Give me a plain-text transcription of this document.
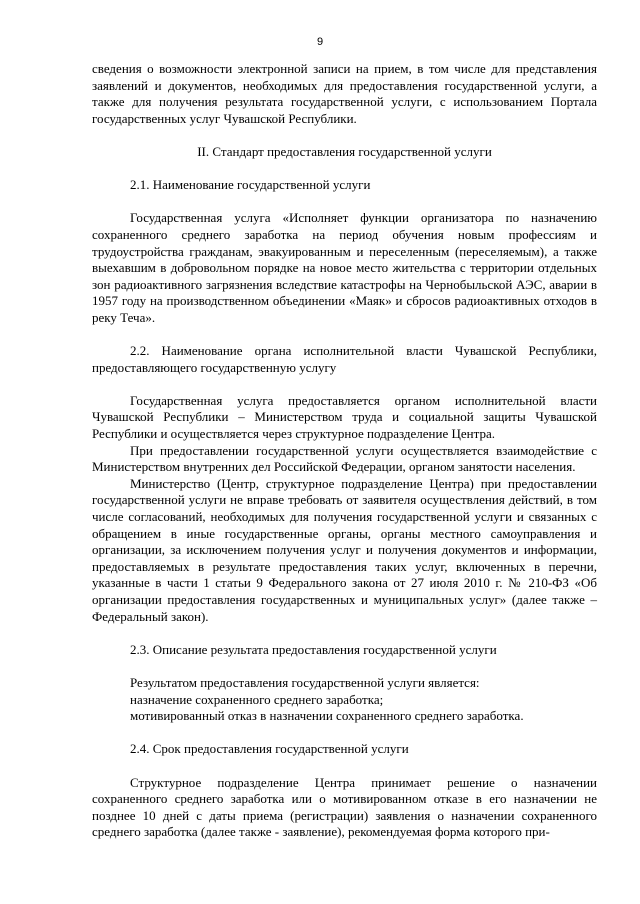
9

сведения о возможности электронной записи на прием, в том числе для представления заявлений и документов, необходимых для предоставления государственной услуги, а также для получения результата государственной услуги, с использованием Портала государственных услуг Чувашской Республики.

II. Стандарт предоставления государственной услуги

2.1. Наименование государственной услуги

Государственная услуга «Исполняет функции организатора по назначению сохраненного среднего заработка на период обучения новым профессиям и трудоустройства гражданам, эвакуированным и переселенным (переселяемым), а также выехавшим в добровольном порядке на новое место жительства с территории отдельных зон радиоактивного загрязнения вследствие катастрофы на Чернобыльской АЭС, аварии в 1957 году на производственном объединении «Маяк» и сбросов радиоактивных отходов в реку Теча».

2.2. Наименование органа исполнительной власти Чувашской Республики, предоставляющего государственную услугу

Государственная услуга предоставляется органом исполнительной власти Чувашской Республики – Министерством труда и социальной защиты Чувашской Республики и осуществляется через структурное подразделение Центра.

При предоставлении государственной услуги осуществляется взаимодействие с Министерством внутренних дел Российской Федерации, органом занятости населения.

Министерство (Центр, структурное подразделение Центра) при предоставлении государственной услуги не вправе требовать от заявителя осуществления действий, в том числе согласований, необходимых для получения государственной услуги и связанных с обращением в иные государственные органы, органы местного самоуправления и организации, за исключением получения услуг и получения документов и информации, предоставляемых в результате предоставления таких услуг, включенных в перечни, указанные в части 1 статьи 9 Федерального закона от 27 июля 2010 г. № 210-ФЗ «Об организации предоставления государственных и муниципальных услуг» (далее также – Федеральный закон).

2.3. Описание результата предоставления государственной услуги

Результатом предоставления государственной услуги является:

назначение сохраненного среднего заработка;

мотивированный отказ в назначении сохраненного среднего заработка.

2.4. Срок предоставления государственной услуги

Структурное подразделение Центра принимает решение о назначении сохраненного среднего заработка или о мотивированном отказе в его назначении не позднее 10 дней с даты приема (регистрации) заявления о назначении сохраненного среднего заработка (далее также - заявление), рекомендуемая форма которого при-
